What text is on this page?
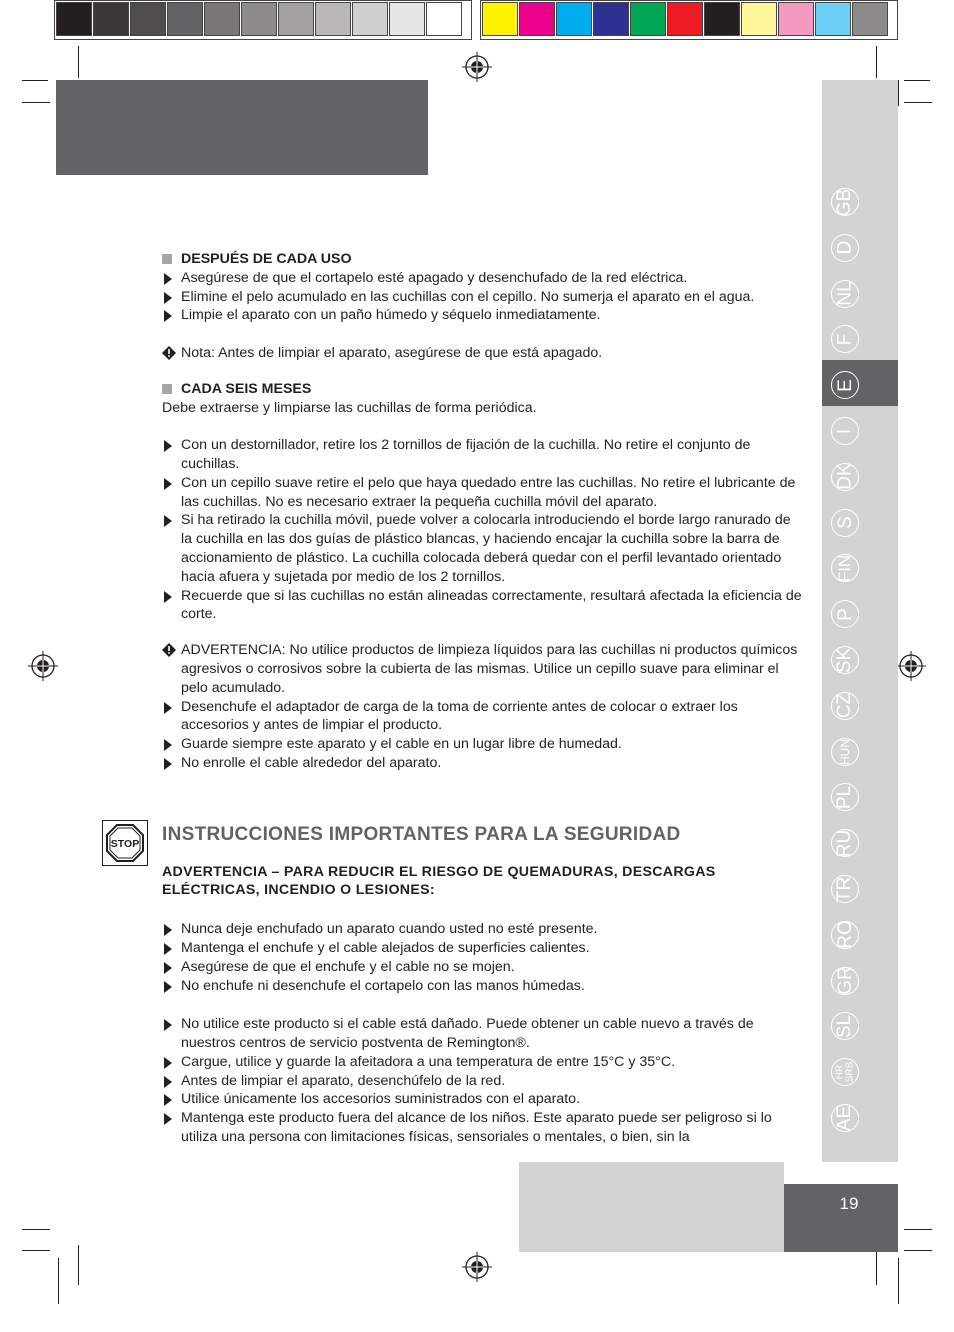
GB
D
NL
F
E
I
DK
S
FIN
P
SK
CZ
HUN
PL
RU
TR
RO
GR
SL
HR SRB
AE
19
STOP
DESPUÉS DE CADA USO

Asegúrese de que el cortapelo esté apagado y desenchufado de la red eléctrica.

Elimine el pelo acumulado en las cuchillas con el cepillo. No sumerja el aparato en el agua.

Limpie el aparato con un paño húmedo y séquelo inmediatamente.

Nota: Antes de limpiar el aparato, asegúrese de que está apagado.

CADA SEIS MESES

Debe extraerse y limpiarse las cuchillas de forma periódica.

Con un destornillador, retire los 2 tornillos de fijación de la cuchilla. No retire el conjunto de cuchillas.

Con un cepillo suave retire el pelo que haya quedado entre las cuchillas. No retire el lubricante de las cuchillas. No es necesario extraer la pequeña cuchilla móvil del aparato.

Si ha retirado la cuchilla móvil, puede volver a colocarla introduciendo el borde largo ranurado de la cuchilla en las dos guías de plástico blancas, y haciendo encajar la cuchilla sobre la barra de accionamiento de plástico. La cuchilla colocada deberá quedar con el perfil levantado orientado hacia afuera y sujetada por medio de los 2 tornillos.

Recuerde que si las cuchillas no están alineadas correctamente, resultará afectada la eficiencia de corte.

ADVERTENCIA: No utilice productos de limpieza líquidos para las cuchillas ni productos químicos agresivos o corrosivos sobre la cubierta de las mismas. Utilice un cepillo suave para eliminar el pelo acumulado.

Desenchufe el adaptador de carga de la toma de corriente antes de colocar o extraer los accesorios y antes de limpiar el producto.

Guarde siempre este aparato y el cable en un lugar libre de humedad.

No enrolle el cable alrededor del aparato.

INSTRUCCIONES IMPORTANTES PARA LA SEGURIDAD

ADVERTENCIA – PARA REDUCIR EL RIESGO DE QUEMADURAS, DESCARGAS ELÉCTRICAS, INCENDIO O LESIONES:

Nunca deje enchufado un aparato cuando usted no esté presente.

Mantenga el enchufe y el cable alejados de superficies calientes.

Asegúrese de que el enchufe y el cable no se mojen.

No enchufe ni desenchufe el cortapelo con las manos húmedas.

No utilice este producto si el cable está dañado. Puede obtener un cable nuevo a través de nuestros centros de servicio postventa de Remington®.

Cargue, utilice y guarde la afeitadora a una temperatura de entre 15°C y 35°C.

Antes de limpiar el aparato, desenchúfelo de la red.

Utilice únicamente los accesorios suministrados con el aparato.

Mantenga este producto fuera del alcance de los niños. Este aparato puede ser peligroso si lo utiliza una persona con limitaciones físicas, sensoriales o mentales, o bien, sin la
